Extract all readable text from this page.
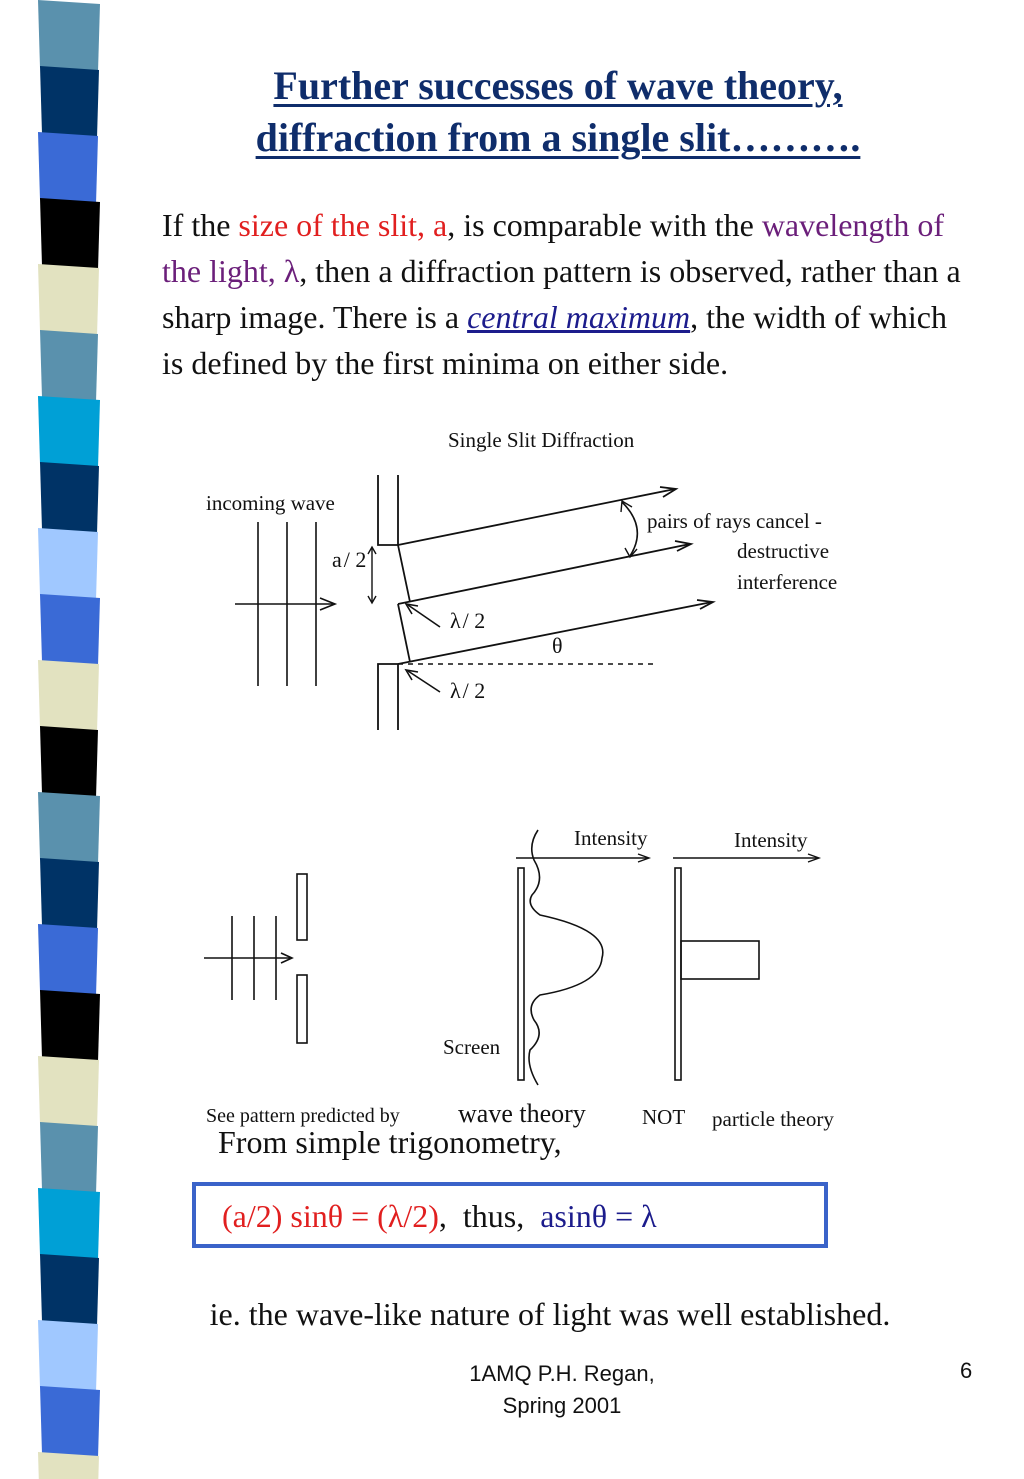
Further successes of wave theory,
diffraction from a single slit……….
If the size of the slit, a, is comparable with the wavelength of the light, λ, then a diffraction pattern is observed, rather than a sharp image. There is a central maximum, the width of which is defined by the first minima on either side.
Single Slit Diffraction
incoming wave
a/ 2
pairs of rays cancel -
destructive
interference
λ/ 2
λ/ 2
θ
Intensity
Screen
Intensity
See pattern predicted by wave theory	NOT particle theory
From simple trigonometry,
(a/2) sinθ = (λ/2),  thus,  asinθ = λ
ie. the wave-like nature of light was well established.
1AMQ P.H. Regan,
Spring 2001
6
